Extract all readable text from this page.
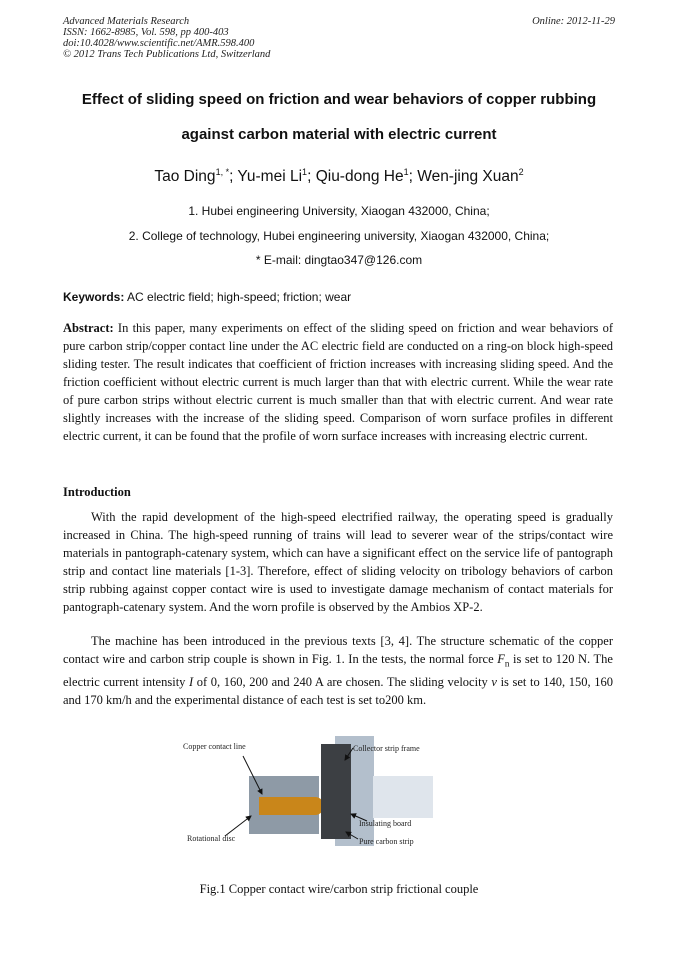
Advanced Materials Research
ISSN: 1662-8985, Vol. 598, pp 400-403
doi:10.4028/www.scientific.net/AMR.598.400
© 2012 Trans Tech Publications Ltd, Switzerland
Online: 2012-11-29
Effect of sliding speed on friction and wear behaviors of copper rubbing
against carbon material with electric current
Tao Ding$^{1, *}$; Yu-mei Li$^1$; Qiu-dong He$^1$; Wen-jing Xuan$^2$
1. Hubei engineering University, Xiaogan 432000, China;
2. College of technology, Hubei engineering university, Xiaogan 432000, China;
* E-mail: dingtao347@126.com
Keywords: AC electric field; high-speed; friction; wear
Abstract: In this paper, many experiments on effect of the sliding speed on friction and wear behaviors of pure carbon strip/copper contact line under the AC electric field are conducted on a ring-on block high-speed sliding tester. The result indicates that coefficient of friction increases with increasing sliding speed. And the friction coefficient without electric current is much larger than that with electric current. While the wear rate of pure carbon strips without electric current is much smaller than that with electric current. And wear rate slightly increases with the increase of the sliding speed. Comparison of worn surface profiles in different electric current, it can be found that the profile of worn surface increases with increasing electric current.
Introduction
With the rapid development of the high-speed electrified railway, the operating speed is gradually increased in China. The high-speed running of trains will lead to severer wear of the strips/contact wire materials in pantograph-catenary system, which can have a significant effect on the service life of pantograph strip and contact line materials [1-3]. Therefore, effect of sliding velocity on tribology behaviors of carbon strip rubbing against copper contact wire is used to investigate damage mechanism of contact materials for pantograph-catenary system. And the worn profile is observed by the Ambios XP-2.
The machine has been introduced in the previous texts [3, 4]. The structure schematic of the copper contact wire and carbon strip couple is shown in Fig. 1. In the tests, the normal force $F_n$ is set to 120 N. The electric current intensity I of 0, 160, 200 and 240 A are chosen. The sliding velocity v is set to 140, 150, 160 and 170 km/h and the experimental distance of each test is set to200 km.
Copper contact line	Collector strip frame
Insulating board
Pure carbon strip
Rotational disc
Fig.1 Copper contact wire/carbon strip frictional couple
